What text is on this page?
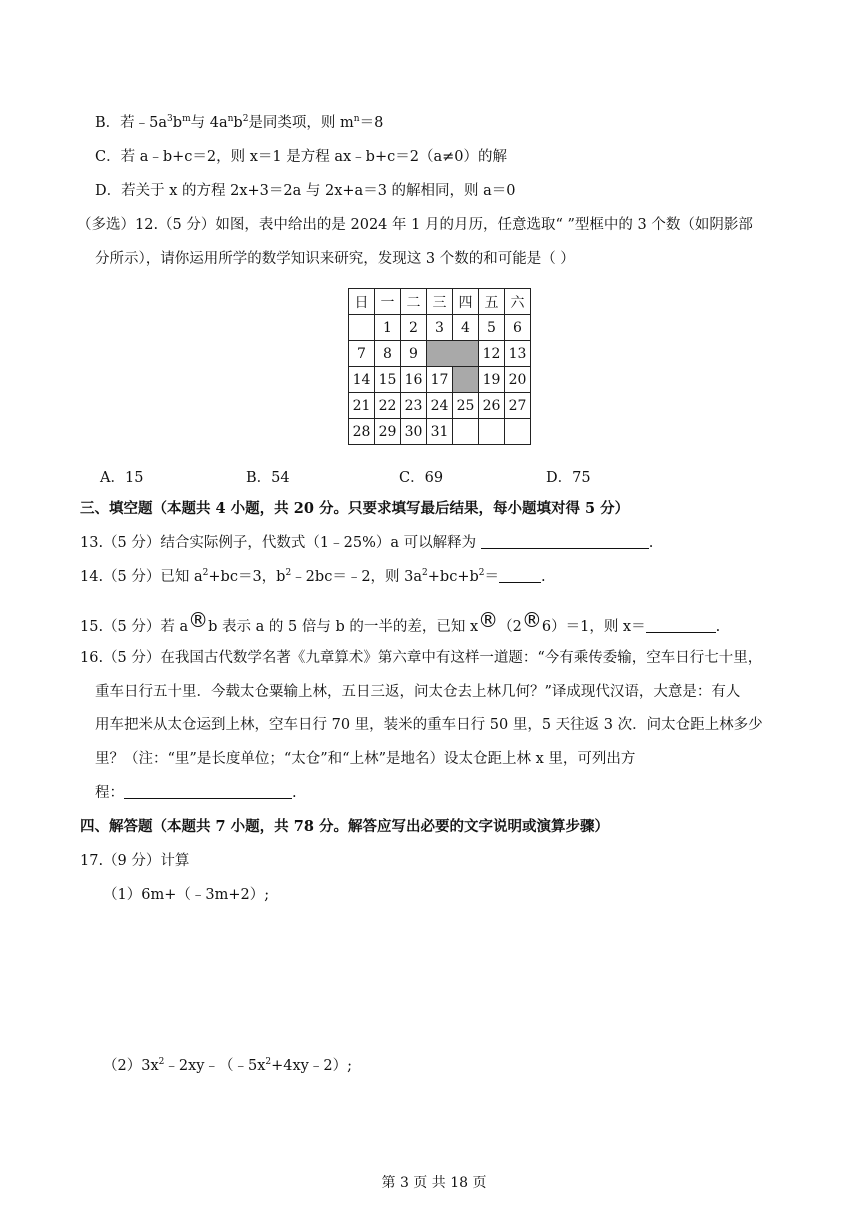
B．若$﹣5a^3b^m$与 $4a^nb^2$是同类项，则 $m^n=8$
C．若 a﹣b+c＝2，则 x＝1 是方程 ax﹣b+c＝2（a≠0）的解
D．若关于 x 的方程 2x+3＝2a 与 2x+a＝3 的解相同，则 a＝0
（多选）12.（5 分）如图，表中给出的是 2024 年 1 月的月历，任意选取“ ”型框中的 3 个数（如阴影部
分所示），请你运用所学的数学知识来研究，发现这 3 个数的和可能是（ ）
日	一	二	三	四	五	六
	1	2	3	4	5	6
7	8	9			12	13
14	15	16	17		19	20
21	22	23	24	25	26	27
28	29	30	31			
A．15	B．54	C．69	D．75
三、填空题（本题共 4 小题，共 20 分。只要求填写最后结果，每小题填对得 5 分）
13.（5 分）结合实际例子，代数式（1﹣25%）a 可以解释为	.
14.（5 分）已知 $a^2+bc=3$，$b^2﹣2bc=﹣2$，则 $3a^2+bc+b^2=$	.
15.（5 分）若 a®b 表示 a 的 5 倍与 b 的一半的差，已知 x®（2®6）＝1，则 x＝	.
16.（5 分）在我国古代数学名著《九章算术》第六章中有这样一道题：“今有乘传委输，空车日行七十里，
重车日行五十里．今载太仓粟输上林，五日三返，问太仓去上林几何？”译成现代汉语，大意是：有人
用车把米从太仓运到上林，空车日行 70 里，装米的重车日行 50 里，5 天往返 3 次．问太仓距上林多少
里？（注：“里”是长度单位；“太仓”和“上林”是地名）设太仓距上林 x 里，可列出方
程：	.
四、解答题（本题共 7 小题，共 78 分。解答应写出必要的文字说明或演算步骤）
17.（9 分）计算
（1）6m+（﹣3m+2）;
$(2)3x^2﹣2xy﹣(﹣5x^2+4xy﹣2)$;
第 3 页 共 18 页
